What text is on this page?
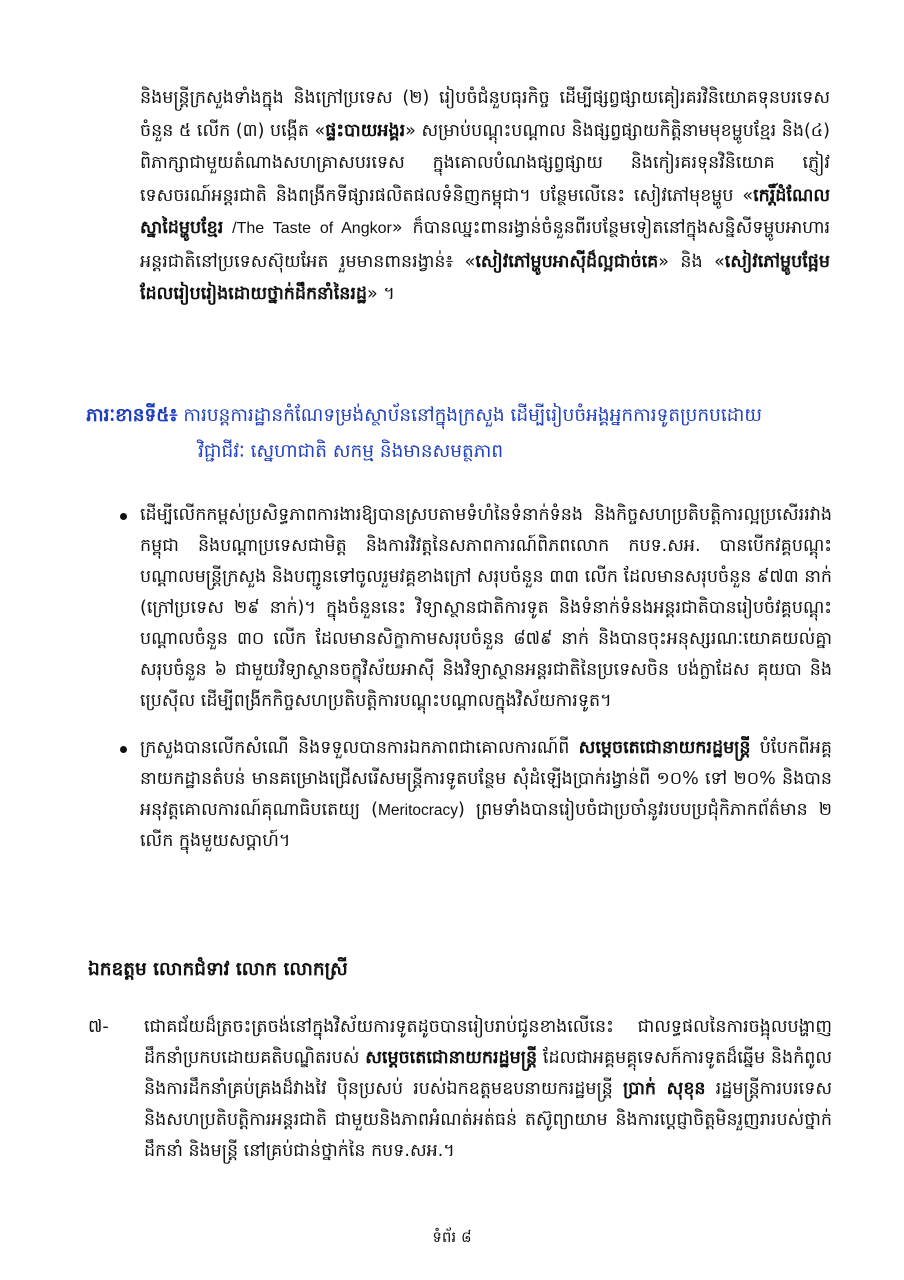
និងមន្ត្រីក្រសួងទាំងក្នុង និងក្រៅប្រទេស (២) រៀបចំជំនួបធុរកិច្ច ដើម្បីផ្សព្វផ្សាយគៀរគរវិនិយោគទុនបរទេស ចំនួន ៥ លើក (៣) បង្កើត «ផ្ទះបាយអង្គរ» សម្រាប់បណ្តុះបណ្តាល និងផ្សព្វផ្សាយកិត្តិនាមមុខម្ហូបខ្មែរ និង(៤) ពិភាក្សាជាមួយតំណាងសហគ្រាសបរទេស ក្នុងគោលបំណងផ្សព្វផ្សាយ និងកៀរគរទុនវិនិយោគ ភ្ញៀវទេសចរណ៍អន្តរជាតិ និងពង្រីកទីផ្សារផលិតផលទំនិញកម្ពុជា។ បន្ថែមលើនេះ សៀវភៅមុខម្ហូប «កេរ្តិ៍ដំណែលស្នាដៃម្ហូបខ្មែរ /The Taste of Angkor» ក៏បានឈ្នះពានរង្វាន់ចំនួនពីរបន្ថែមទៀតនៅក្នុងសន្និសីទម្ហូបអាហារអន្តរជាតិនៅប្រទេសស៊ុយអែត រួមមានពានរង្វាន់៖ «សៀវភៅម្ហូបអាស៊ីដ៏ល្អជាច់គេ» និង «សៀវភៅម្ហូបផ្អែមដែលរៀបរៀងដោយថ្នាក់ដឹកនាំនៃរដ្ឋ» ។
ភារៈខានទី៥៖ ការបន្តការដ្ឋានកំណែទម្រង់ស្ថាប័ននៅក្នុងក្រសួង ដើម្បីរៀបចំអង្គអ្នកការទូតប្រកបដោយ
វិជ្ជាជីវៈ ស្នេហាជាតិ សកម្ម និងមានសមត្ថភាព
ដើម្បីលើកកម្ពស់ប្រសិទ្ធភាពការងារឱ្យបានស្របតាមទំហំនៃទំនាក់ទំនង និងកិច្ចសហប្រតិបត្តិការល្អប្រសើររវាងកម្ពុជា និងបណ្តាប្រទេសជាមិត្ត និងការវិវត្តនៃសភាពការណ៍ពិភពលោក កបទ.សអ. បានបើកវគ្គបណ្តុះបណ្តាលមន្ត្រីក្រសួង និងបញ្ជូនទៅចូលរួមវគ្គខាងក្រៅ សរុបចំនួន ៣៣ លើក ដែលមានសរុបចំនួន ៩៧៣ នាក់ (ក្រៅប្រទេស ២៩ នាក់)។ ក្នុងចំនួននេះ វិទ្យាស្ថានជាតិការទូត និងទំនាក់ទំនងអន្តរជាតិបានរៀបចំវគ្គបណ្តុះបណ្តាលចំនួន ៣០ លើក ដែលមានសិក្ខាកាមសរុបចំនួន ៨៧៩ នាក់ និងបានចុះអនុស្សរណៈយោគយល់គ្នា សរុបចំនួន ៦ ជាមួយវិទ្យាស្ថានចក្ខុវិស័យអាស៊ី និងវិទ្យាស្ថានអន្តរជាតិនៃប្រទេសចិន បង់ក្លាដែស គុយបា និងប្រេស៊ីល ដើម្បីពង្រីកកិច្ចសហប្រតិបត្តិការបណ្តុះបណ្តាលក្នុងវិស័យការទូត។
ក្រសួងបានលើកសំណើ និងទទួលបានការឯកភាពជាគោលការណ៍ពី សម្តេចតេជោនាយករដ្ឋមន្ត្រី បំបែកពីអគ្គនាយកដ្ឋានតំបន់ មានគម្រោងជ្រើសរើសមន្ត្រីការទូតបន្ថែម សុំដំឡើងប្រាក់រង្វាន់ពី ១០% ទៅ ២០% និងបានអនុវត្តគោលការណ៍គុណាធិបតេយ្យ (Meritocracy) ព្រមទាំងបានរៀបចំជាប្រចាំនូវរបបប្រជុំកិភាកព័ត៌មាន ២ លើក ក្នុងមួយសប្តាហ៍។
ឯកឧត្តម លោកជំទាវ លោក លោកស្រី
៧- ជោគជ័យដ៏ត្រចះត្រចង់នៅក្នុងវិស័យការទូតដូចបានរៀបរាប់ជូនខាងលើនេះ ជាលទ្ធផលនៃការចង្អុលបង្ហាញដឹកនាំប្រកបដោយគតិបណ្ឌិតរបស់ សម្តេចតេជោនាយករដ្ឋមន្ត្រី ដែលជាអគ្គមគ្គុទេសក៍ការទូតដ៏ឆ្នើម និងកំពូល និងការដឹកនាំគ្រប់គ្រងដ៏វាងវៃ ប៉ិនប្រសប់ របស់ឯកឧត្តមឧបនាយករដ្ឋមន្ត្រី ប្រាក់ សុខុន រដ្ឋមន្ត្រីការបរទេស និងសហប្រតិបត្តិការអន្តរជាតិ ជាមួយនិងភាពអំណត់អត់ធន់ តស៊ូព្យាយាម និងការប្តេជ្ញាចិត្តមិនរួញរារបស់ថ្នាក់ដឹកនាំ និងមន្ត្រី នៅគ្រប់ជាន់ថ្នាក់នៃ កបទ.សអ.។
ទំព័រ ៨
